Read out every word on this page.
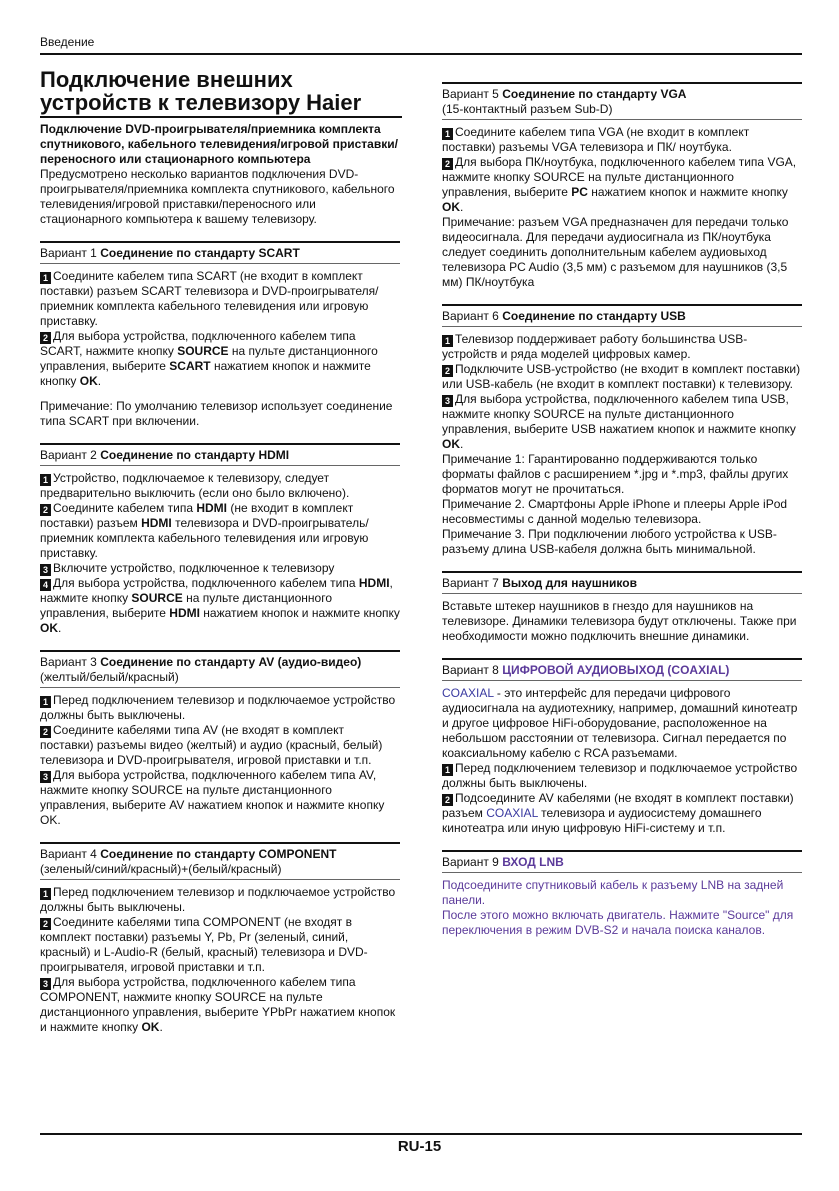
Введение
Подключение внешних устройств к телевизору Haier
Подключение DVD-проигрывателя/приемника комплекта спутникового, кабельного телевидения/игровой приставки/переносного или стационарного компьютера

Предусмотрено несколько вариантов подключения DVD-проигрывателя/приемника комплекта спутникового, кабельного телевидения/игровой приставки/переносного или стационарного компьютера к вашему телевизору.

Вариант 1 Соединение по стандарту SCART

1 Соедините кабелем типа SCART (не входит в комплект поставки) разъем SCART телевизора и DVD-проигрывателя/приемник комплекта кабельного телевидения или игровую приставку.

2 Для выбора устройства, подключенного кабелем типа SCART, нажмите кнопку SOURCE на пульте дистанционного управления, выберите SCART нажатием кнопок и нажмите кнопку OK.

Примечание: По умолчанию телевизор использует соединение типа SCART при включении.

Вариант 2 Соединение по стандарту HDMI

1 Устройство, подключаемое к телевизору, следует предварительно выключить (если оно было включено).

2 Соедините кабелем типа HDMI (не входит в комплект поставки) разъем HDMI телевизора и DVD-проигрыватель/приемник комплекта кабельного телевидения или игровую приставку.

3 Включите устройство, подключенное к телевизору

4 Для выбора устройства, подключенного кабелем типа HDMI, нажмите кнопку SOURCE на пульте дистанционного управления, выберите HDMI нажатием кнопок и нажмите кнопку OK.

Вариант 3 Соединение по стандарту AV (аудио-видео)
(желтый/белый/красный)

1 Перед подключением телевизор и подключаемое устройство должны быть выключены.

2 Соедините кабелями типа AV (не входят в комплект поставки) разъемы видео (желтый) и аудио (красный, белый) телевизора и DVD-проигрывателя, игровой приставки и т.п.

3 Для выбора устройства, подключенного кабелем типа AV, нажмите кнопку SOURCE на пульте дистанционного управления, выберите AV нажатием кнопок и нажмите кнопку OK.

Вариант 4 Соединение по стандарту COMPONENT
(зеленый/синий/красный)+(белый/красный)

1 Перед подключением телевизор и подключаемое устройство должны быть выключены.

2 Соедините кабелями типа COMPONENT (не входят в комплект поставки) разъемы Y, Pb, Pr (зеленый, синий, красный) и L-Audio-R (белый, красный) телевизора и DVD-проигрывателя, игровой приставки и т.п.

3 Для выбора устройства, подключенного кабелем типа COMPONENT, нажмите кнопку SOURCE на пульте дистанционного управления, выберите YPbPr нажатием кнопок и нажмите кнопку OK.

Вариант 5 Соединение по стандарту VGA
(15-контактный разъем Sub-D)

1 Соедините кабелем типа VGA (не входит в комплект поставки) разъемы VGA телевизора и ПК/ ноутбука.

2 Для выбора ПК/ноутбука, подключенного кабелем типа VGA, нажмите кнопку SOURCE на пульте дистанционного управления, выберите PC нажатием кнопок и нажмите кнопку OK.

Примечание: разъем VGA предназначен для передачи только видеосигнала. Для передачи аудиосигнала из ПК/ноутбука следует соединить дополнительным кабелем аудиовыход телевизора PC Audio (3,5 мм) с разъемом для наушников (3,5 мм) ПК/ноутбука

Вариант 6 Соединение по стандарту USB

1 Телевизор поддерживает работу большинства USB-устройств и ряда моделей цифровых камер.

2 Подключите USB-устройство (не входит в комплект поставки) или USB-кабель (не входит в комплект поставки) к телевизору.

3 Для выбора устройства, подключенного кабелем типа USB, нажмите кнопку SOURCE на пульте дистанционного управления, выберите USB нажатием кнопок и нажмите кнопку OK.

Примечание 1: Гарантированно поддерживаются только форматы файлов с расширением *.jpg и *.mp3, файлы других форматов могут не прочитаться.

Примечание 2. Смартфоны Apple iPhone и плееры Apple iPod несовместимы с данной моделью телевизора.

Примечание 3. При подключении любого устройства к USB-разъему длина USB-кабеля должна быть минимальной.

Вариант 7 Выход для наушников

Вставьте штекер наушников в гнездо для наушников на телевизоре. Динамики телевизора будут отключены. Также при необходимости можно подключить внешние динамики.

Вариант 8 ЦИФРОВОЙ АУДИОВЫХОД (COAXIAL)

COAXIAL - это интерфейс для передачи цифрового аудиосигнала на аудиотехнику, например, домашний кинотеатр и другое цифровое HiFi-оборудование, расположенное на небольшом расстоянии от телевизора. Сигнал передается по коаксиальному кабелю с RCA разъемами.

1 Перед подключением телевизор и подключаемое устройство должны быть выключены.

2 Подсоедините AV кабелями (не входят в комплект поставки) разъем COAXIAL телевизора и аудиосистему домашнего кинотеатра или иную цифровую HiFi-систему и т.п.

Вариант 9 ВХОД LNB

Подсоедините спутниковый кабель к разъему LNB на задней панели.

После этого можно включать двигатель. Нажмите "Source" для переключения в режим DVB-S2 и начала поиска каналов.

RU-15
